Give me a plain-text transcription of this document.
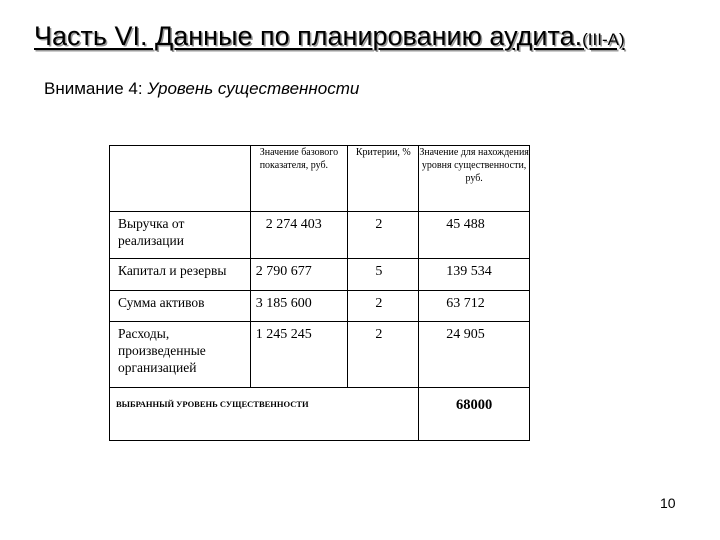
Часть VI. Данные по планированию аудита.(III-A)
Внимание 4: Уровень существенности
	Значение базового показателя, руб.	Критерии, %	Значение для нахождения уровня существенности, руб.
Выручка от реализации	2 274 403	2	45 488
Капитал и резервы	2 790 677	5	139 534
Сумма активов	3 185 600	2	63 712
Расходы, произведенные организацией	1 245 245	2	24 905
ВЫБРАННЫЙ УРОВЕНЬ СУЩЕСТВЕННОСТИ			68000
10
